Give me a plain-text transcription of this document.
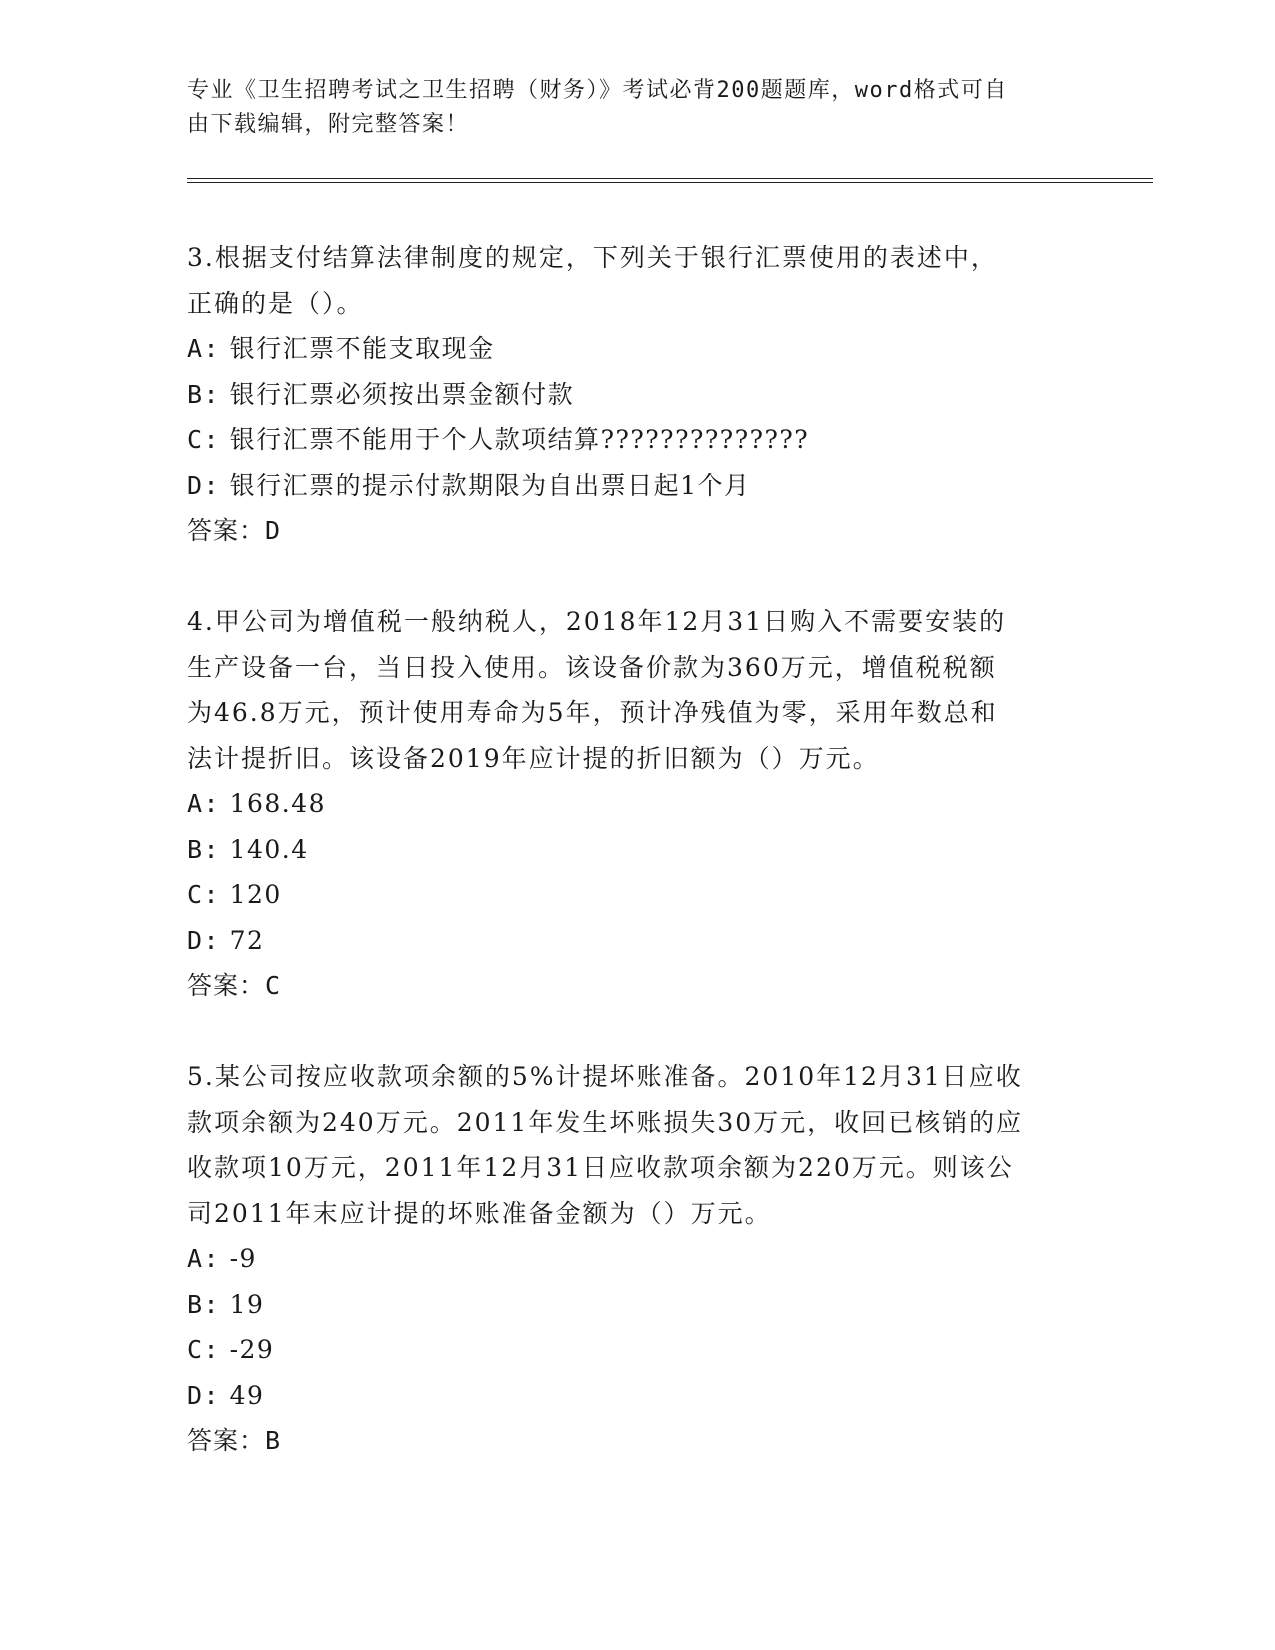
专业《卫生招聘考试之卫生招聘（财务）》考试必背200题题库，word格式可自
由下载编辑，附完整答案！
3.根据支付结算法律制度的规定，下列关于银行汇票使用的表述中，
正确的是（）。
A: 银行汇票不能支取现金
B: 银行汇票必须按出票金额付款
C: 银行汇票不能用于个人款项结算??????????????
D: 银行汇票的提示付款期限为自出票日起1个月
答案：D
4.甲公司为增值税一般纳税人，2018年12月31日购入不需要安装的
生产设备一台，当日投入使用。该设备价款为360万元，增值税税额
为46.8万元，预计使用寿命为5年，预计净残值为零，采用年数总和
法计提折旧。该设备2019年应计提的折旧额为（）万元。
A: 168.48
B: 140.4
C: 120
D: 72
答案：C
5.某公司按应收款项余额的5%计提坏账准备。2010年12月31日应收
款项余额为240万元。2011年发生坏账损失30万元，收回已核销的应
收款项10万元，2011年12月31日应收款项余额为220万元。则该公
司2011年末应计提的坏账准备金额为（）万元。
A: -9
B: 19
C: -29
D: 49
答案：B
